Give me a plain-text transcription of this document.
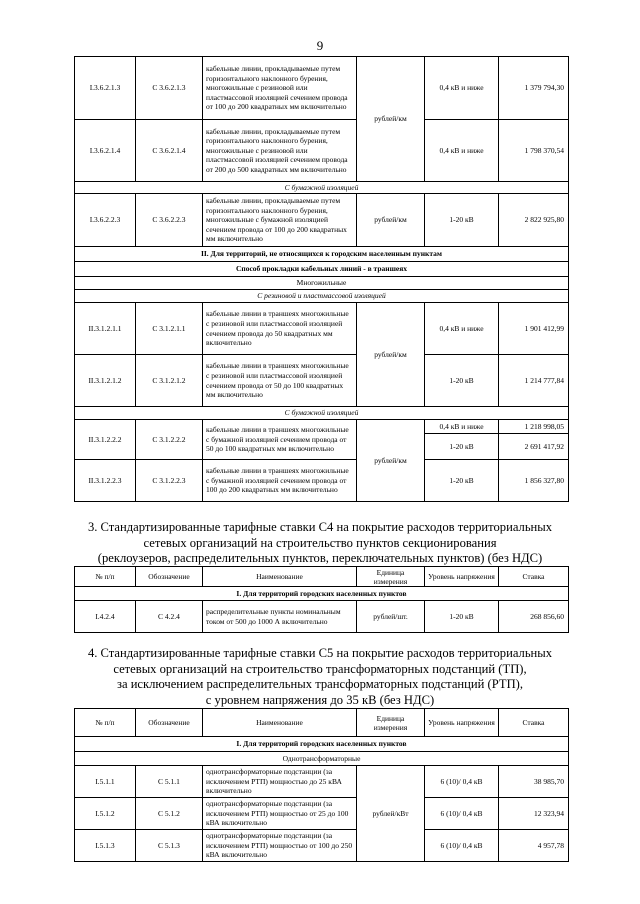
9
I.3.6.2.1.3	С 3.6.2.1.3	кабельные линии, прокладываемые путем горизонтального наклонного бурения, многожильные с резиновой или пластмассовой изоляцией сечением провода от 100 до 200 квадратных мм включительно	рублей/км	0,4 кВ и ниже	1 379 794,30
I.3.6.2.1.4	С 3.6.2.1.4	кабельные линии, прокладываемые путем горизонтального наклонного бурения, многожильные с резиновой или пластмассовой изоляцией сечением провода от 200 до 500 квадратных мм включительно		0,4 кВ и ниже	1 798 370,54
С бумажной изоляцией					
I.3.6.2.2.3	С 3.6.2.2.3	кабельные линии, прокладываемые путем горизонтального наклонного бурения, многожильные с бумажной изоляцией сечением провода от 100 до 200 квадратных мм включительно	рублей/км	1-20 кВ	2 822 925,80
II. Для территорий, не относящихся к городским населенным пунктам					
Способ прокладки кабельных линий - в траншеях					
Многожильные					
С резиновой и пластмассовой изоляцией					
II.3.1.2.1.1	С 3.1.2.1.1	кабельные линии в траншеях многожильные с резиновой или пластмассовой изоляцией сечением провода до 50 квадратных мм включительно	рублей/км	0,4 кВ и ниже	1 901 412,99
II.3.1.2.1.2	С 3.1.2.1.2	кабельные линии в траншеях многожильные с резиновой или пластмассовой изоляцией сечением провода от 50 до 100 квадратных мм включительно		1-20 кВ	1 214 777,84
С бумажной изоляцией					
II.3.1.2.2.2	С 3.1.2.2.2	кабельные линии в траншеях многожильные с бумажной изоляцией сечением провода от 50 до 100 квадратных мм включительно	рублей/км	0,4 кВ и ниже	1 218 998,05
				1-20 кВ	2 691 417,92
II.3.1.2.2.3	С 3.1.2.2.3	кабельные линии в траншеях многожильные с бумажной изоляцией сечением провода от 100 до 200 квадратных мм включительно		1-20 кВ	1 856 327,80
3. Стандартизированные тарифные ставки С4 на покрытие расходов территориальных
сетевых организаций на строительство пунктов секционирования
(реклоузеров, распределительных пунктов, переключательных пунктов) (без НДС)
№ п/п	Обозначение	Наименование	Единица измерения	Уровень напряжения	Ставка
I. Для территорий городских населенных пунктов					
I.4.2.4	С 4.2.4	распределительные пункты номинальным током от 500 до 1000 А включительно	рублей/шт.	1-20 кВ	268 856,60
4. Стандартизированные тарифные ставки С5 на покрытие расходов территориальных
сетевых организаций на строительство трансформаторных подстанций (ТП),
за исключением распределительных трансформаторных подстанций (РТП),
с уровнем напряжения до 35 кВ (без НДС)
№ п/п	Обозначение	Наименование	Единица измерения	Уровень напряжения	Ставка
I. Для территорий городских населенных пунктов					
Однотрансформаторные					
I.5.1.1	С 5.1.1	однотрансформаторные подстанции (за исключением РТП) мощностью до 25 кВА включительно	рублей/кВт	6 (10)/ 0,4 кВ	38 985,70
I.5.1.2	С 5.1.2	однотрансформаторные подстанции (за исключением РТП) мощностью от 25 до 100 кВА включительно		6 (10)/ 0,4 кВ	12 323,94
I.5.1.3	С 5.1.3	однотрансформаторные подстанции (за исключением РТП) мощностью от 100 до 250 кВА включительно		6 (10)/ 0,4 кВ	4 957,78
